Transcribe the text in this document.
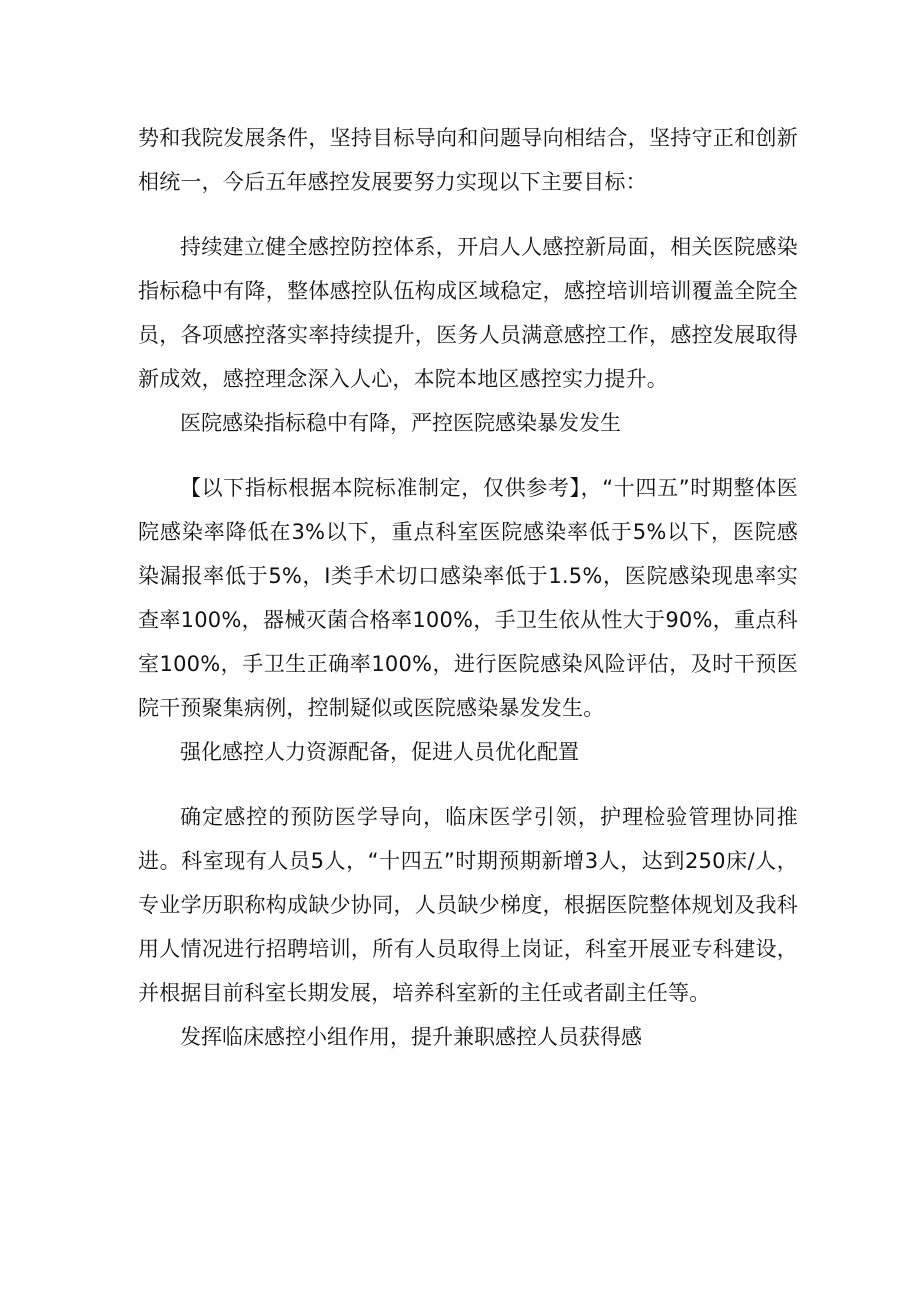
势和我院发展条件，坚持目标导向和问题导向相结合，坚持守正和创新相统一，今后五年感控发展要努力实现以下主要目标：

持续建立健全感控防控体系，开启人人感控新局面，相关医院感染指标稳中有降，整体感控队伍构成区域稳定，感控培训培训覆盖全院全员，各项感控落实率持续提升，医务人员满意感控工作，感控发展取得新成效，感控理念深入人心，本院本地区感控实力提升。

医院感染指标稳中有降，严控医院感染暴发发生

【以下指标根据本院标准制定，仅供参考】，“十四五”时期整体医院感染率降低在3%以下，重点科室医院感染率低于5%以下，医院感染漏报率低于5%，I类手术切口感染率低于1.5%，医院感染现患率实查率100%，器械灭菌合格率100%，手卫生依从性大于90%，重点科室100%，手卫生正确率100%，进行医院感染风险评估，及时干预医院干预聚集病例，控制疑似或医院感染暴发发生。

强化感控人力资源配备，促进人员优化配置

确定感控的预防医学导向，临床医学引领，护理检验管理协同推进。科室现有人员5人，“十四五”时期预期新增3人，达到250床/人，专业学历职称构成缺少协同，人员缺少梯度，根据医院整体规划及我科用人情况进行招聘培训，所有人员取得上岗证，科室开展亚专科建设，并根据目前科室长期发展，培养科室新的主任或者副主任等。

发挥临床感控小组作用，提升兼职感控人员获得感
